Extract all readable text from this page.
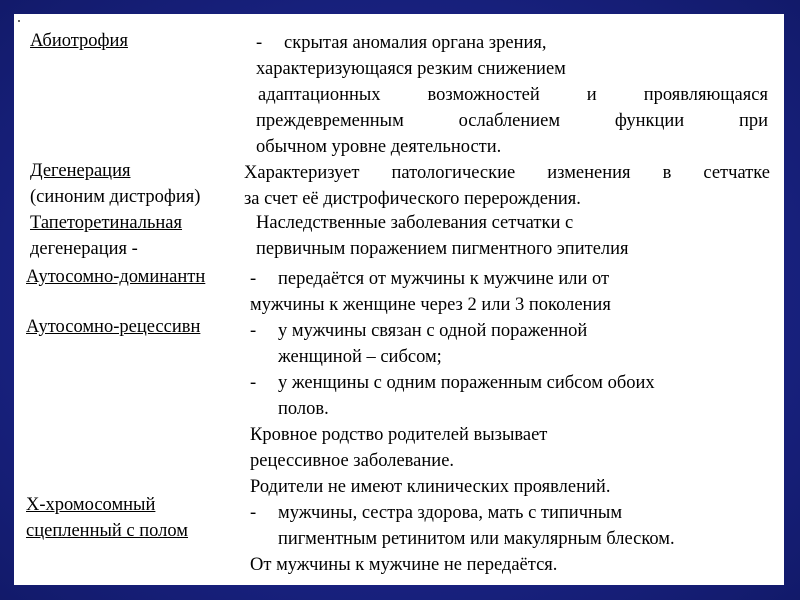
Абиотрофия	- скрытая аномалия органа зрения,

характеризующаяся резким снижением

адаптационных возможностей и проявляющаяся

преждевременным ослаблением функции при

обычном уровне деятельности.

Дегенерация

(синоним дистрофия)

Характеризует патологические изменения в сетчатке

за счет её дистрофического перерождения.

Тапеторетинальная

дегенерация -

Наследственные заболевания сетчатки с

первичным поражением пигментного эпителия

Аутосомно-доминантн

Аутосомно-рецессивн

Х-хромосомный

сцепленный с полом

- передаётся от мужчины к мужчине или от

мужчины к женщине через 2 или 3 поколения

- у мужчины связан с одной пораженной

женщиной – сибсом;

- у женщины с одним пораженным сибсом обоих

полов.

Кровное родство родителей вызывает

рецессивное заболевание.

Родители не имеют клинических проявлений.

- мужчины, сестра здорова, мать с типичным

пигментным ретинитом или макулярным блеском.

От мужчины к мужчине не передаётся.
